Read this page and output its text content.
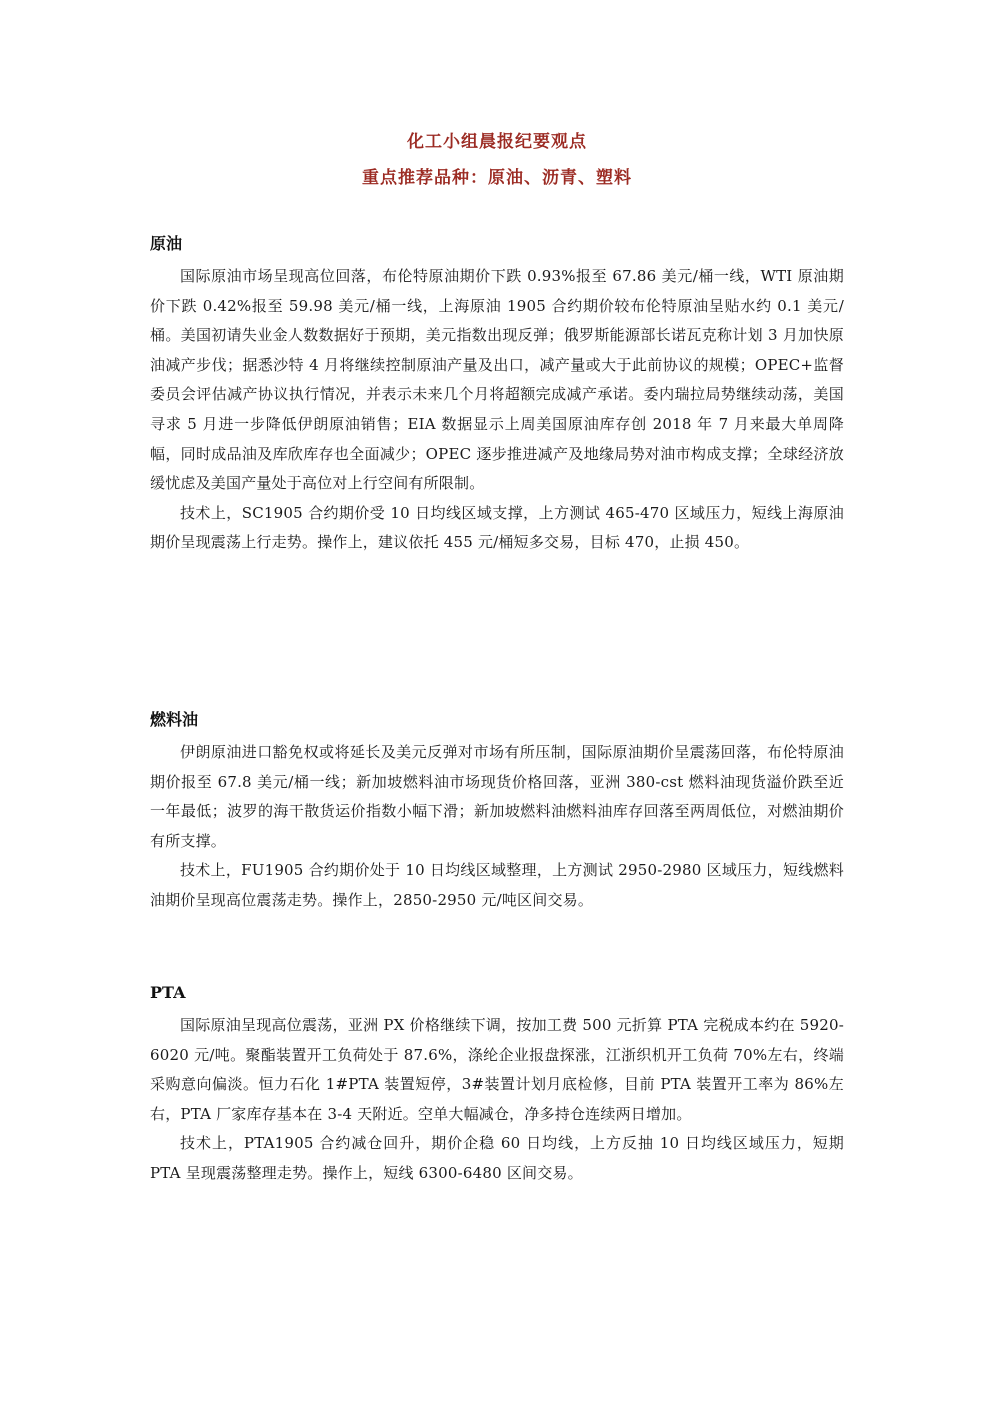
化工小组晨报纪要观点
重点推荐品种：原油、沥青、塑料
原油

国际原油市场呈现高位回落，布伦特原油期价下跌 0.93%报至 67.86 美元/桶一线，WTI 原油期价下跌 0.42%报至 59.98 美元/桶一线，上海原油 1905 合约期价较布伦特原油呈贴水约 0.1 美元/桶。美国初请失业金人数数据好于预期，美元指数出现反弹；俄罗斯能源部长诺瓦克称计划 3 月加快原油减产步伐；据悉沙特 4 月将继续控制原油产量及出口，减产量或大于此前协议的规模；OPEC+监督委员会评估减产协议执行情况，并表示未来几个月将超额完成减产承诺。委内瑞拉局势继续动荡，美国寻求 5 月进一步降低伊朗原油销售；EIA 数据显示上周美国原油库存创 2018 年 7 月来最大单周降幅，同时成品油及库欣库存也全面减少；OPEC 逐步推进减产及地缘局势对油市构成支撑；全球经济放缓忧虑及美国产量处于高位对上行空间有所限制。

技术上，SC1905 合约期价受 10 日均线区域支撑，上方测试 465-470 区域压力，短线上海原油期价呈现震荡上行走势。操作上，建议依托 455 元/桶短多交易，目标 470，止损 450。

燃料油

伊朗原油进口豁免权或将延长及美元反弹对市场有所压制，国际原油期价呈震荡回落，布伦特原油期价报至 67.8 美元/桶一线；新加坡燃料油市场现货价格回落，亚洲 380-cst 燃料油现货溢价跌至近一年最低；波罗的海干散货运价指数小幅下滑；新加坡燃料油燃料油库存回落至两周低位，对燃油期价有所支撑。

技术上，FU1905 合约期价处于 10 日均线区域整理，上方测试 2950-2980 区域压力，短线燃料油期价呈现高位震荡走势。操作上，2850-2950 元/吨区间交易。

PTA

国际原油呈现高位震荡，亚洲 PX 价格继续下调，按加工费 500 元折算 PTA 完税成本约在 5920-6020 元/吨。聚酯装置开工负荷处于 87.6%，涤纶企业报盘探涨，江浙织机开工负荷 70%左右，终端采购意向偏淡。恒力石化 1#PTA 装置短停，3#装置计划月底检修，目前 PTA 装置开工率为 86%左右，PTA 厂家库存基本在 3-4 天附近。空单大幅减仓，净多持仓连续两日增加。

技术上，PTA1905 合约减仓回升，期价企稳 60 日均线，上方反抽 10 日均线区域压力，短期 PTA 呈现震荡整理走势。操作上，短线 6300-6480 区间交易。
